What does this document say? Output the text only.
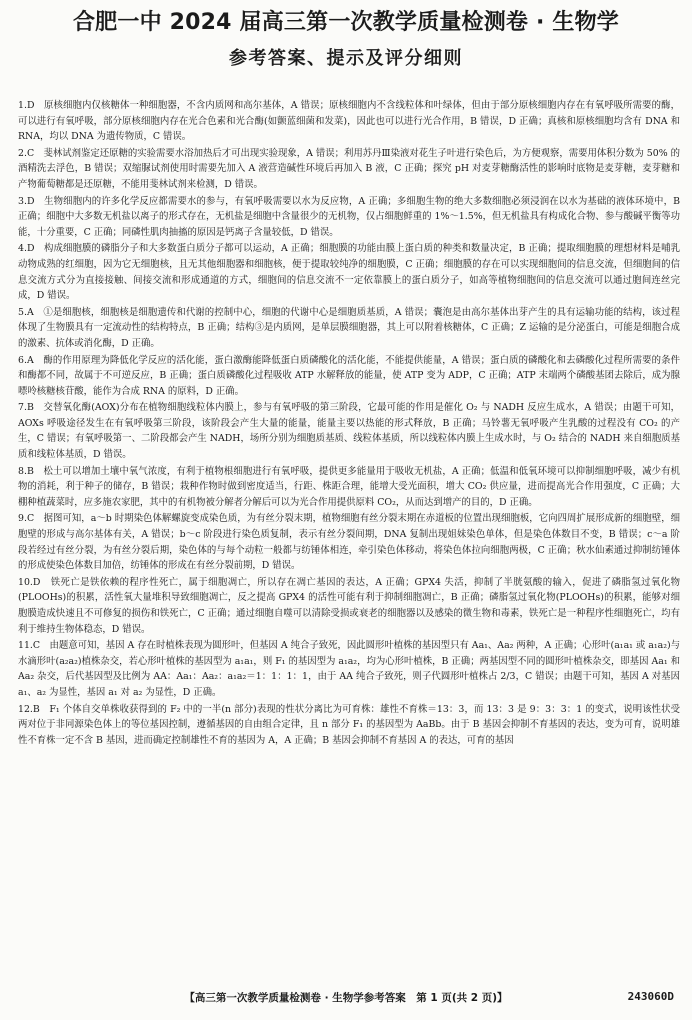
合肥一中 2024 届高三第一次教学质量检测卷 · 生物学
参考答案、提示及评分细则

1.D　原核细胞内仅核糖体一种细胞器，不含内质网和高尔基体，A 错误；原核细胞内不含线粒体和叶绿体，但由于部分原核细胞内存在有氧呼吸所需要的酶，可以进行有氧呼吸，部分原核细胞内存在光合色素和光合酶(如颤蓝细菌和发菜)，因此也可以进行光合作用，B 错误，D 正确；真核和原核细胞均含有 DNA 和 RNA，均以 DNA 为遗传物质，C 错误。

2.C　斐林试剂鉴定还原糖的实验需要水浴加热后才可出现实验现象，A 错误；利用苏丹Ⅲ染液对花生子叶进行染色后，为方便观察，需要用体积分数为 50% 的酒精洗去浮色，B 错误；双缩脲试剂使用时需要先加入 A 液营造碱性环境后再加入 B 液，C 正确；探究 pH 对麦芽糖酶活性的影响时底物是麦芽糖，麦芽糖和产物葡萄糖都是还原糖，不能用斐林试剂来检测，D 错误。

3.D　生物细胞内的许多化学反应都需要水的参与，有氧呼吸需要以水为反应物，A 正确；多细胞生物的绝大多数细胞必须浸润在以水为基础的液体环境中，B 正确；细胞中大多数无机盐以离子的形式存在，无机盐是细胞中含量很少的无机物，仅占细胞鲜重的 1%～1.5%，但无机盐具有构成化合物、参与酸碱平衡等功能，十分重要，C 正确；同磷性肌肉抽搐的原因是钙离子含量较低，D 错误。

4.D　构成细胞膜的磷脂分子和大多数蛋白质分子都可以运动，A 正确；细胞膜的功能由膜上蛋白质的种类和数量决定，B 正确；提取细胞膜的理想材料是哺乳动物成熟的红细胞，因为它无细胞核，且无其他细胞器和细胞核，便于提取较纯净的细胞膜，C 正确；细胞膜的存在可以实现细胞间的信息交流，但细胞间的信息交流方式分为直接接触、间接交流和形成通道的方式，细胞间的信息交流不一定依靠膜上的蛋白质分子，如高等植物细胞间的信息交流可以通过胞间连丝完成，D 错误。

5.A　①是细胞核，细胞核是细胞遗传和代谢的控制中心，细胞的代谢中心是细胞质基质，A 错误；囊泡是由高尔基体出芽产生的具有运输功能的结构，该过程体现了生物膜具有一定流动性的结构特点，B 正确；结构③是内质网，是单层膜细胞器，其上可以附着核糖体，C 正确；Z 运输的是分泌蛋白，可能是细胞合成的激素、抗体或消化酶，D 正确。

6.A　酶的作用原理为降低化学反应的活化能，蛋白激酶能降低蛋白质磷酸化的活化能，不能提供能量，A 错误；蛋白质的磷酸化和去磷酸化过程所需要的条件和酶都不同，故属于不可逆反应，B 正确；蛋白质磷酸化过程吸收 ATP 水解释放的能量，使 ATP 变为 ADP，C 正确；ATP 末端两个磷酸基团去除后，成为腺嘌呤核糖核苷酸，能作为合成 RNA 的原料，D 正确。

7.B　交替氧化酶(AOX)分布在植物细胞线粒体内膜上，参与有氧呼吸的第三阶段，它最可能的作用是催化 O₂ 与 NADH 反应生成水，A 错误；由题干可知，AOXs 呼吸途径发生在有氧呼吸第三阶段，该阶段会产生大量的能量，能量主要以热能的形式释放，B 正确；马铃薯无氧呼吸产生乳酸的过程没有 CO₂ 的产生，C 错误；有氧呼吸第一、二阶段都会产生 NADH，场所分别为细胞质基质、线粒体基质，所以线粒体内膜上生成水时，与 O₂ 结合的 NADH 来自细胞质基质和线粒体基质，D 错误。

8.B　松土可以增加土壤中氧气浓度，有利于植物根细胞进行有氧呼吸，提供更多能量用于吸收无机盐，A 正确；低温和低氧环境可以抑制细胞呼吸，减少有机物的消耗，利于种子的储存，B 错误；栽种作物时做到密度适当，行距、株距合理，能增大受光面积，增大 CO₂ 供应量，进而提高光合作用强度，C 正确；大棚种植蔬菜时，应多施农家肥，其中的有机物被分解者分解后可以为光合作用提供原料 CO₂，从而达到增产的目的，D 正确。

9.C　据图可知，a～b 时期染色体解螺旋变成染色质，为有丝分裂末期，植物细胞有丝分裂末期在赤道板的位置出现细胞板，它向四周扩展形成新的细胞壁，细胞壁的形成与高尔基体有关，A 错误；b～c 阶段进行染色质复制，表示有丝分裂间期，DNA 复制出现姐妹染色单体，但是染色体数目不变，B 错误；c～a 阶段若经过有丝分裂，为有丝分裂后期，染色体的与每个动粒一般都与纺锤体相连，牵引染色体移动，将染色体拉向细胞两极，C 正确；秋水仙素通过抑制纺锤体的形成使染色体数目加倍，纺锤体的形成在有丝分裂前期，D 错误。

10.D　铁死亡是铁依赖的程序性死亡，属于细胞凋亡，所以存在凋亡基因的表达，A 正确；GPX4 失活，抑制了半胱氨酸的输入，促进了磷脂氢过氧化物(PLOOHs)的积累，活性氧大量堆积导致细胞凋亡，反之提高 GPX4 的活性可能有利于抑制细胞凋亡，B 正确；磷脂氢过氧化物(PLOOHs)的积累，能够对细胞膜造成快速且不可修复的损伤和铁死亡，C 正确；通过细胞自噬可以清除受损或衰老的细胞器以及感染的微生物和毒素，铁死亡是一种程序性细胞死亡，均有利于维持生物体稳态，D 错误。

11.C　由题意可知，基因 A 存在时植株表现为圆形叶，但基因 A 纯合子致死，因此圆形叶植株的基因型只有 Aa₁、Aa₂ 两种，A 正确；心形叶(a₁a₁ 或 a₁a₂)与水滴形叶(a₂a₂)植株杂交，若心形叶植株的基因型为 a₁a₁，则 F₁ 的基因型为 a₁a₂，均为心形叶植株，B 正确；两基因型不同的圆形叶植株杂交，即基因 Aa₁ 和 Aa₂ 杂交，后代基因型及比例为 AA：Aa₁：Aa₂：a₁a₂＝1：1：1：1，由于 AA 纯合子致死，则子代圆形叶植株占 2/3，C 错误；由题干可知，基因 A 对基因 a₁、a₂ 为显性，基因 a₁ 对 a₂ 为显性，D 正确。

12.B　F₁ 个体自交单株收获得到的 F₂ 中的一半(n 部分)表现的性状分离比为可育株：雄性不育株＝13：3，而 13：3 是 9：3：3：1 的变式，说明该性状受两对位于非同源染色体上的等位基因控制，遵循基因的自由组合定律，且 n 部分 F₁ 的基因型为 AaBb。由于 B 基因会抑制不育基因的表达，变为可育，说明雄性不育株一定不含 B 基因，进而确定控制雄性不育的基因为 A，A 正确；B 基因会抑制不育基因 A 的表达，可育的基因

【高三第一次教学质量检测卷 · 生物学参考答案　第 1 页(共 2 页)】	243060D
